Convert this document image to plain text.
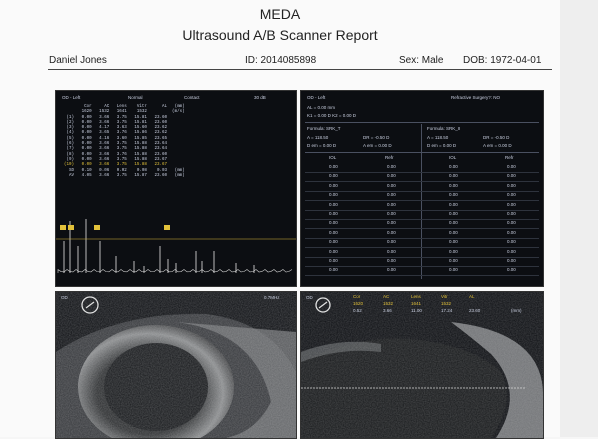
MEDA
Ultrasound A/B Scanner Report
Daniel Jones	ID: 2014085898	Sex: Male DOB: 1972-04-01
OD - Left	Normal	Contact	30 dB
Cor     AC   Lens    Vitr      AL   (mm)
1620   1532   1641    1532          (m/s)
(1)   0.00   3.66   3.75   15.81   23.60
(2)   0.00   3.66   3.75   15.81   23.60
(3)   0.00   4.17   3.63   15.60   23.62
(4)   0.00   3.65   3.76   15.86   23.62
(5)   0.00   4.16   3.60   15.85   23.65
(6)   0.00   3.66   3.75   15.88   23.64
(7)   0.00   3.66   3.75   15.88   23.64
(8)   0.00   3.66   3.76   15.88   23.60
(9)   0.00   3.66   3.75   15.88   23.67
(10)   0.00   3.66   3.75   15.88   23.67
SD   0.10   0.06   0.02    0.08    0.03   (mm)
AV   4.05   3.66   3.75   15.87   23.60   (mm)
OD - Left	Refractive Surgery?: NO
AL = 0.00 mm
K1 = 0.00 D K2 = 0.00 D
Formula: SRK_T	Formula: SRK_II
A = 118.50	DR = -0.50 D	A = 118.50	DR = -0.50 D
D em = 0.00 D	A em = 0.00 D	D em = 0.00 D	A em = 0.00 D
IOL	Refr	IOL	Refr
0.00	0.00	0.00	0.00
0.00	0.00	0.00	0.00
0.00	0.00	0.00	0.00
0.00	0.00	0.00	0.00
0.00	0.00	0.00	0.00
0.00	0.00	0.00	0.00
0.00	0.00	0.00	0.00
0.00	0.00	0.00	0.00
0.00	0.00	0.00	0.00
0.00	0.00	0.00	0.00
0.00	0.00	0.00	0.00
0.00	0.00	0.00	0.00
OD	0.7MHz	OD	Cor	AC	Lens	Vitr	AL
1620	1532	1641	1532
0.52	3.66	11.00	17.24	23.60	(mm)
